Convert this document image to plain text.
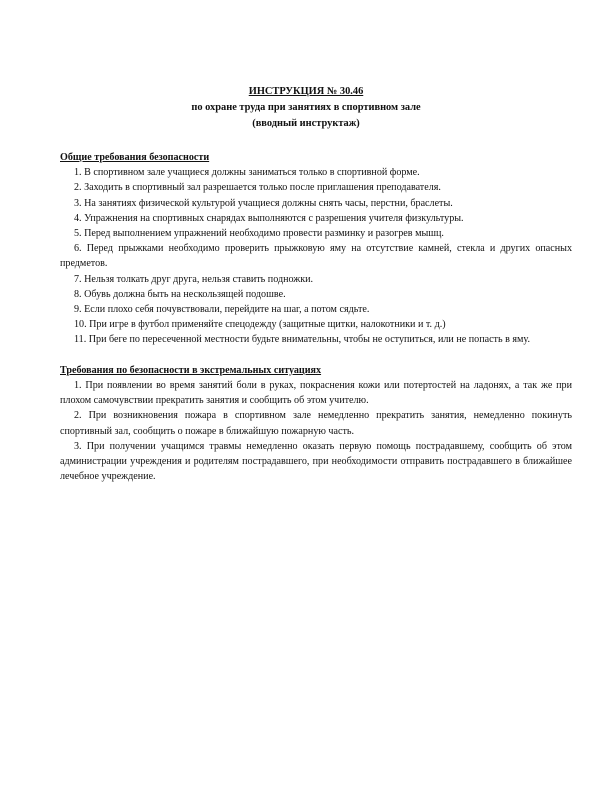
ИНСТРУКЦИЯ № 30.46
по охране труда при занятиях в спортивном зале
(вводный инструктаж)
Общие требования безопасности

1. В спортивном зале учащиеся должны заниматься только в спортивной форме.

2. Заходить в спортивный зал разрешается только после приглашения преподавателя.

3. На занятиях физической культурой учащиеся должны снять часы, перстни, браслеты.

4. Упражнения на спортивных снарядах выполняются с разрешения учителя физкультуры.

5. Перед выполнением упражнений необходимо провести разминку и разогрев мышц.

6. Перед прыжками необходимо проверить прыжковую яму на отсутствие камней, стекла и других опасных предметов.

7. Нельзя толкать друг друга, нельзя ставить подножки.

8. Обувь должна быть на нескользящей подошве.

9. Если плохо себя почувствовали, перейдите на шаг, а потом сядьте.

10. При игре в футбол применяйте спецодежду (защитные щитки, налокотники и т. д.)

11. При беге по пересеченной местности будьте внимательны, чтобы не оступиться, или не попасть в яму.

Требования по безопасности в экстремальных ситуациях

1. При появлении во время занятий боли в руках, покраснения кожи или потертостей на ладонях, а так же при плохом самочувствии прекратить занятия и сообщить об этом учителю.

2. При возникновения пожара в спортивном зале немедленно прекратить занятия, немедленно покинуть спортивный зал, сообщить о пожаре в ближайшую пожарную часть.

3. При получении учащимся травмы немедленно оказать первую помощь пострадавшему, сообщить об этом администрации учреждения и родителям пострадавшего, при необходимости отправить пострадавшего в ближайшее лечебное учреждение.
